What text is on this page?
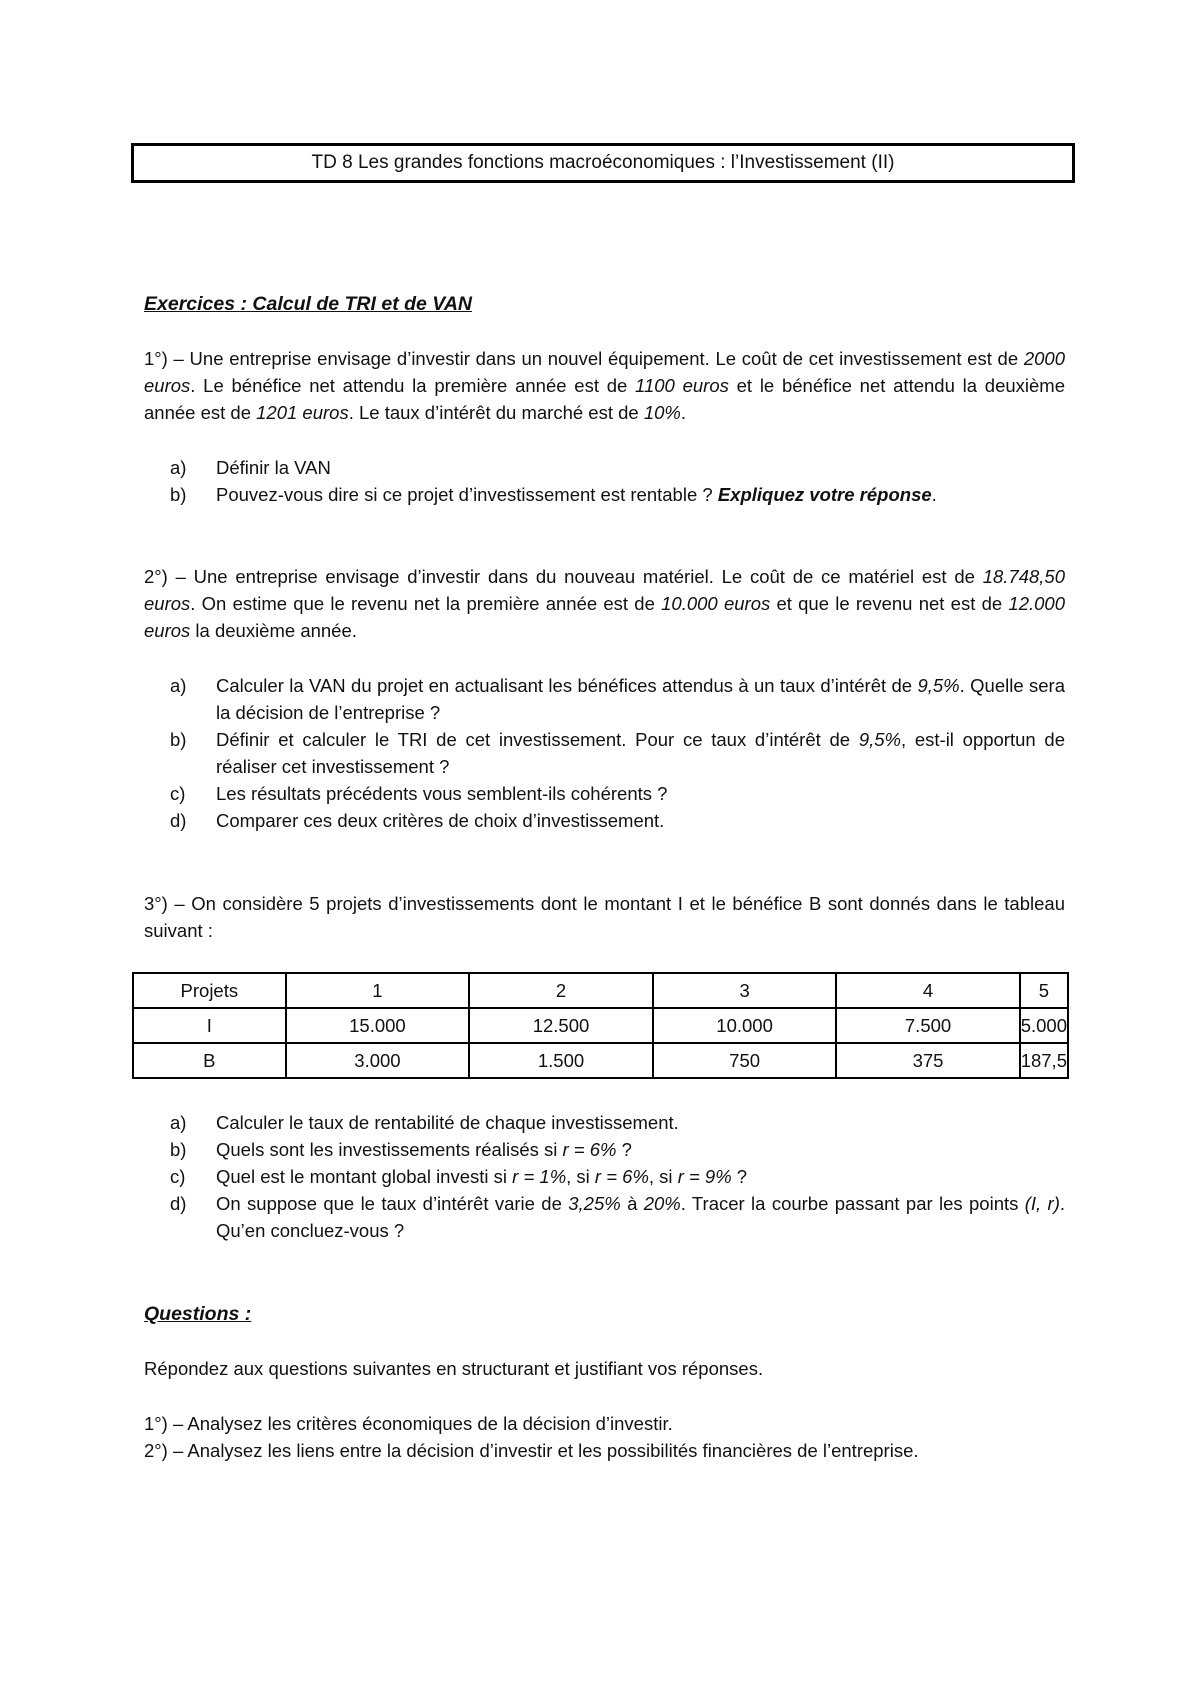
TD 8 Les grandes fonctions macroéconomiques : l’Investissement (II)
Exercices : Calcul de TRI et de VAN
1°) – Une entreprise envisage d’investir dans un nouvel équipement. Le coût de cet investissement est de 2000 euros. Le bénéfice net attendu la première année est de 1100 euros et le bénéfice net attendu la deuxième année est de 1201 euros. Le taux d’intérêt du marché est de 10%.
a)	Définir la VAN
b)	Pouvez-vous dire si ce projet d’investissement est rentable ? Expliquez votre réponse.
2°) – Une entreprise envisage d’investir dans du nouveau matériel. Le coût de ce matériel est de 18.748,50 euros. On estime que le revenu net la première année est de 10.000 euros et que le revenu net est de 12.000 euros la deuxième année.
a)	Calculer la VAN du projet en actualisant les bénéfices attendus à un taux d’intérêt de 9,5%. Quelle sera la décision de l’entreprise ?
b)	Définir et calculer le TRI de cet investissement. Pour ce taux d’intérêt de 9,5%, est-il opportun de réaliser cet investissement ?
c)	Les résultats précédents vous semblent-ils cohérents ?
d)	Comparer ces deux critères de choix d’investissement.
3°) – On considère 5 projets d’investissements dont le montant I et le bénéfice B sont donnés dans le tableau suivant :
Projets	1	2	3	4	5
I	15.000	12.500	10.000	7.500	5.000
B	3.000	1.500	750	375	187,5
a)	Calculer le taux de rentabilité de chaque investissement.
b)	Quels sont les investissements réalisés si r = 6% ?
c)	Quel est le montant global investi si r = 1%, si r = 6%, si r = 9% ?
d)	On suppose que le taux d’intérêt varie de 3,25% à 20%. Tracer la courbe passant par les points (I, r). Qu’en concluez-vous ?
Questions :
Répondez aux questions suivantes en structurant et justifiant vos réponses.
1°) – Analysez les critères économiques de la décision d’investir.
2°) – Analysez les liens entre la décision d’investir et les possibilités financières de l’entreprise.
